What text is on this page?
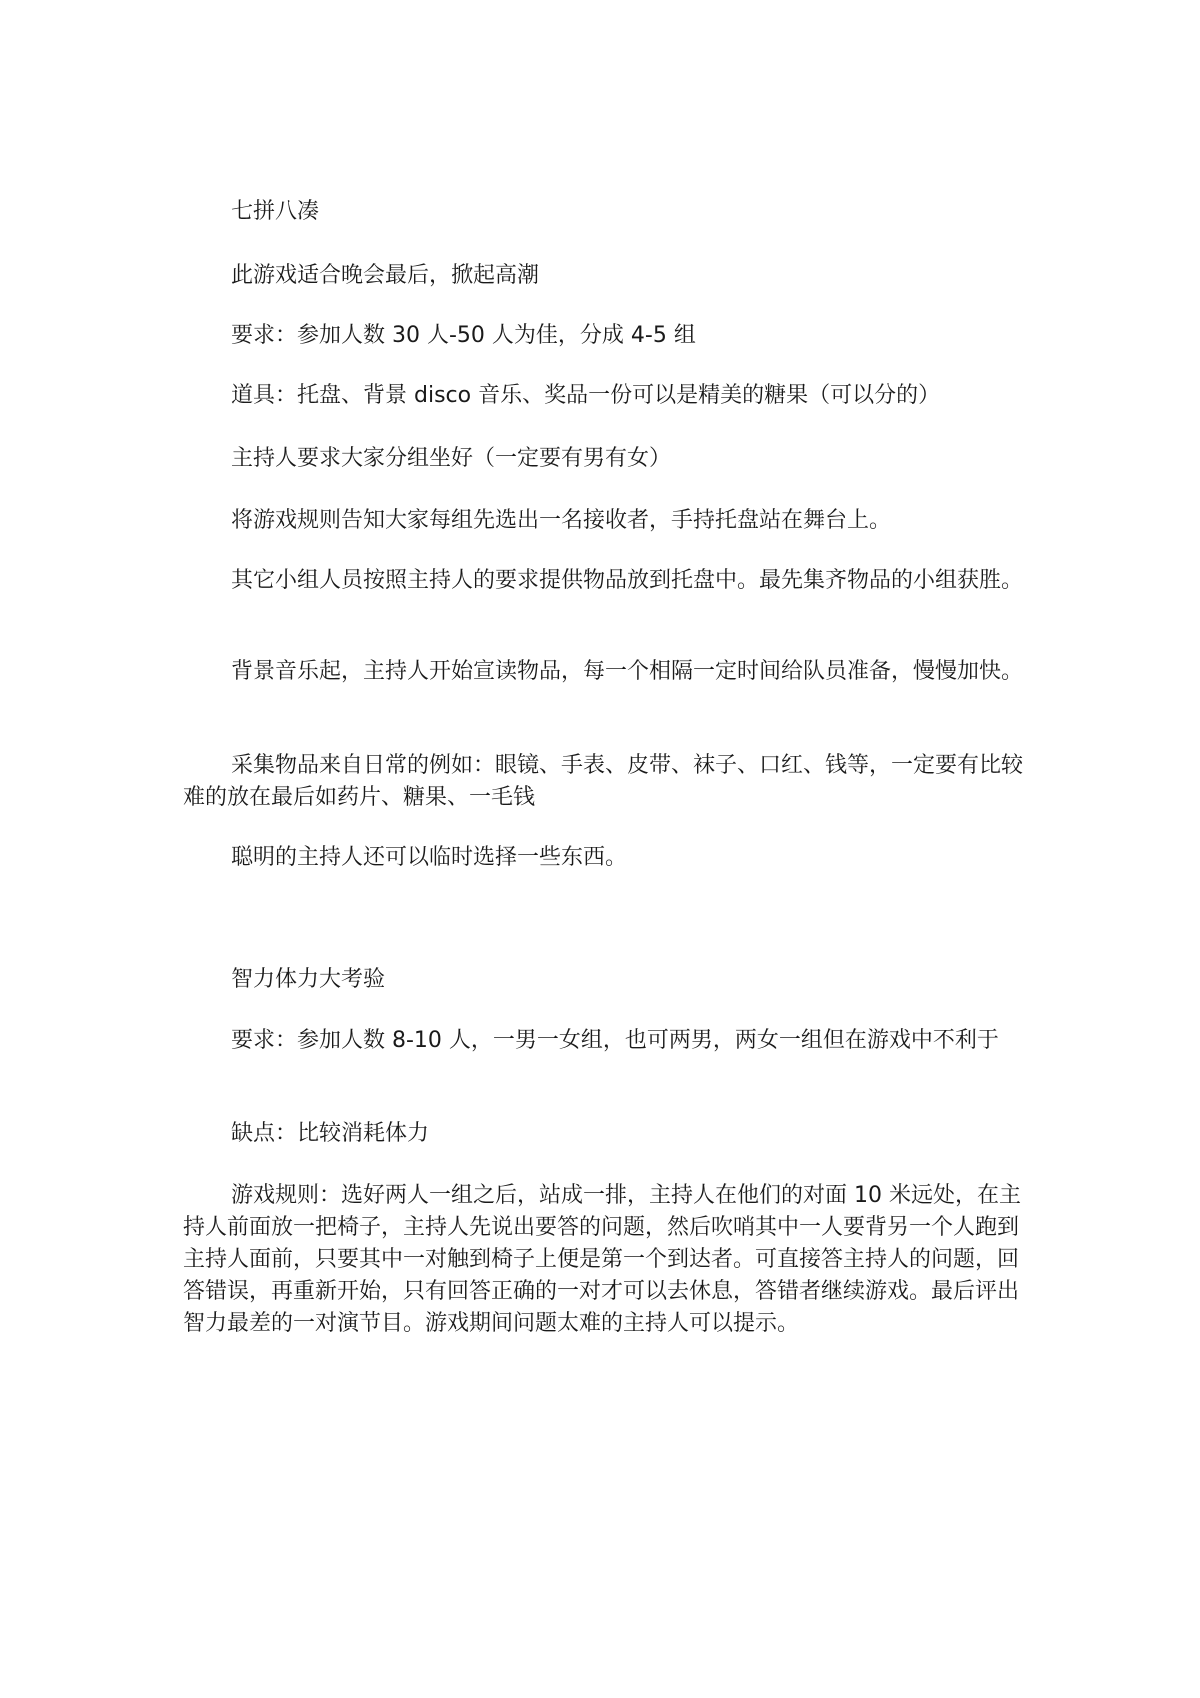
七拼八凑

此游戏适合晚会最后，掀起高潮

要求：参加人数 30 人-50 人为佳，分成 4-5 组

道具：托盘、背景 disco 音乐、奖品一份可以是精美的糖果（可以分的）

主持人要求大家分组坐好（一定要有男有女）

将游戏规则告知大家每组先选出一名接收者，手持托盘站在舞台上。

其它小组人员按照主持人的要求提供物品放到托盘中。最先集齐物品的小组获胜。

背景音乐起，主持人开始宣读物品，每一个相隔一定时间给队员准备，慢慢加快。

采集物品来自日常的例如：眼镜、手表、皮带、袜子、口红、钱等，一定要有比较难的放在最后如药片、糖果、一毛钱

聪明的主持人还可以临时选择一些东西。

智力体力大考验

要求：参加人数 8-10 人，一男一女组，也可两男，两女一组但在游戏中不利于

缺点：比较消耗体力

游戏规则：选好两人一组之后，站成一排，主持人在他们的对面 10 米远处，在主持人前面放一把椅子，主持人先说出要答的问题，然后吹哨其中一人要背另一个人跑到主持人面前，只要其中一对触到椅子上便是第一个到达者。可直接答主持人的问题，回答错误，再重新开始，只有回答正确的一对才可以去休息，答错者继续游戏。最后评出智力最差的一对演节目。游戏期间问题太难的主持人可以提示。
